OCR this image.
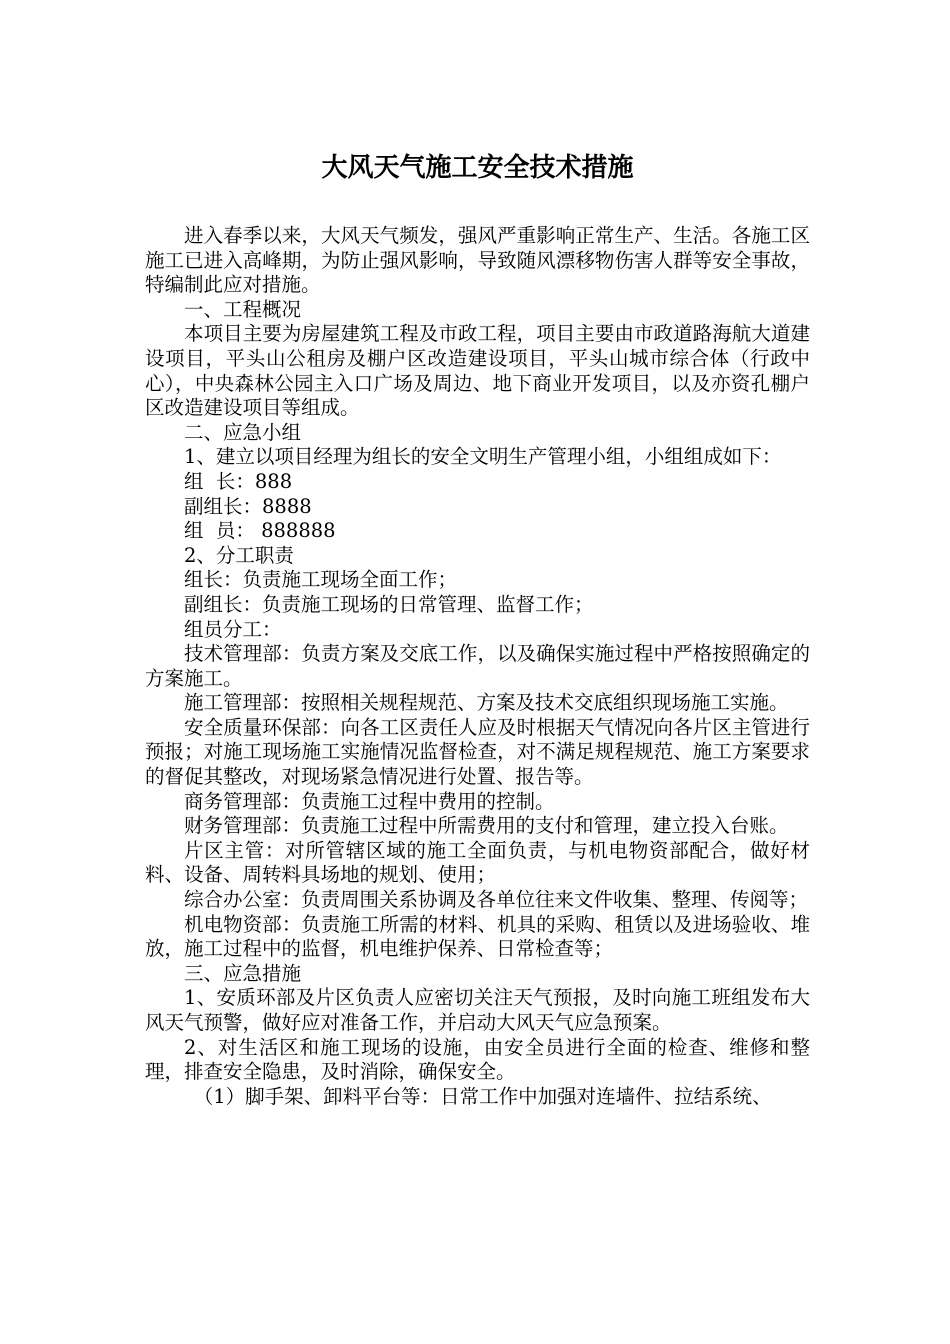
大风天气施工安全技术措施

进入春季以来，大风天气频发，强风严重影响正常生产、生活。各施工区施工已进入高峰期，为防止强风影响，导致随风漂移物伤害人群等安全事故，特编制此应对措施。

一、工程概况

本项目主要为房屋建筑工程及市政工程，项目主要由市政道路海航大道建设项目，平头山公租房及棚户区改造建设项目，平头山城市综合体（行政中心），中央森林公园主入口广场及周边、地下商业开发项目，以及亦资孔棚户区改造建设项目等组成。

二、应急小组

1、建立以项目经理为组长的安全文明生产管理小组，小组组成如下：

组  长：888

副组长：8888

组  员： 888888

2、分工职责

组长：负责施工现场全面工作；

副组长：负责施工现场的日常管理、监督工作；

组员分工：

技术管理部：负责方案及交底工作，以及确保实施过程中严格按照确定的方案施工。

施工管理部：按照相关规程规范、方案及技术交底组织现场施工实施。

安全质量环保部：向各工区责任人应及时根据天气情况向各片区主管进行预报；对施工现场施工实施情况监督检查，对不满足规程规范、施工方案要求的督促其整改，对现场紧急情况进行处置、报告等。

商务管理部：负责施工过程中费用的控制。

财务管理部：负责施工过程中所需费用的支付和管理，建立投入台账。

片区主管：对所管辖区域的施工全面负责，与机电物资部配合，做好材料、设备、周转料具场地的规划、使用；

综合办公室：负责周围关系协调及各单位往来文件收集、整理、传阅等；

机电物资部：负责施工所需的材料、机具的采购、租赁以及进场验收、堆放，施工过程中的监督，机电维护保养、日常检查等；

三、应急措施

1、安质环部及片区负责人应密切关注天气预报，及时向施工班组发布大风天气预警，做好应对准备工作，并启动大风天气应急预案。

2、对生活区和施工现场的设施，由安全员进行全面的检查、维修和整理，排查安全隐患，及时消除，确保安全。

（1）脚手架、卸料平台等：日常工作中加强对连墙件、拉结系统、
